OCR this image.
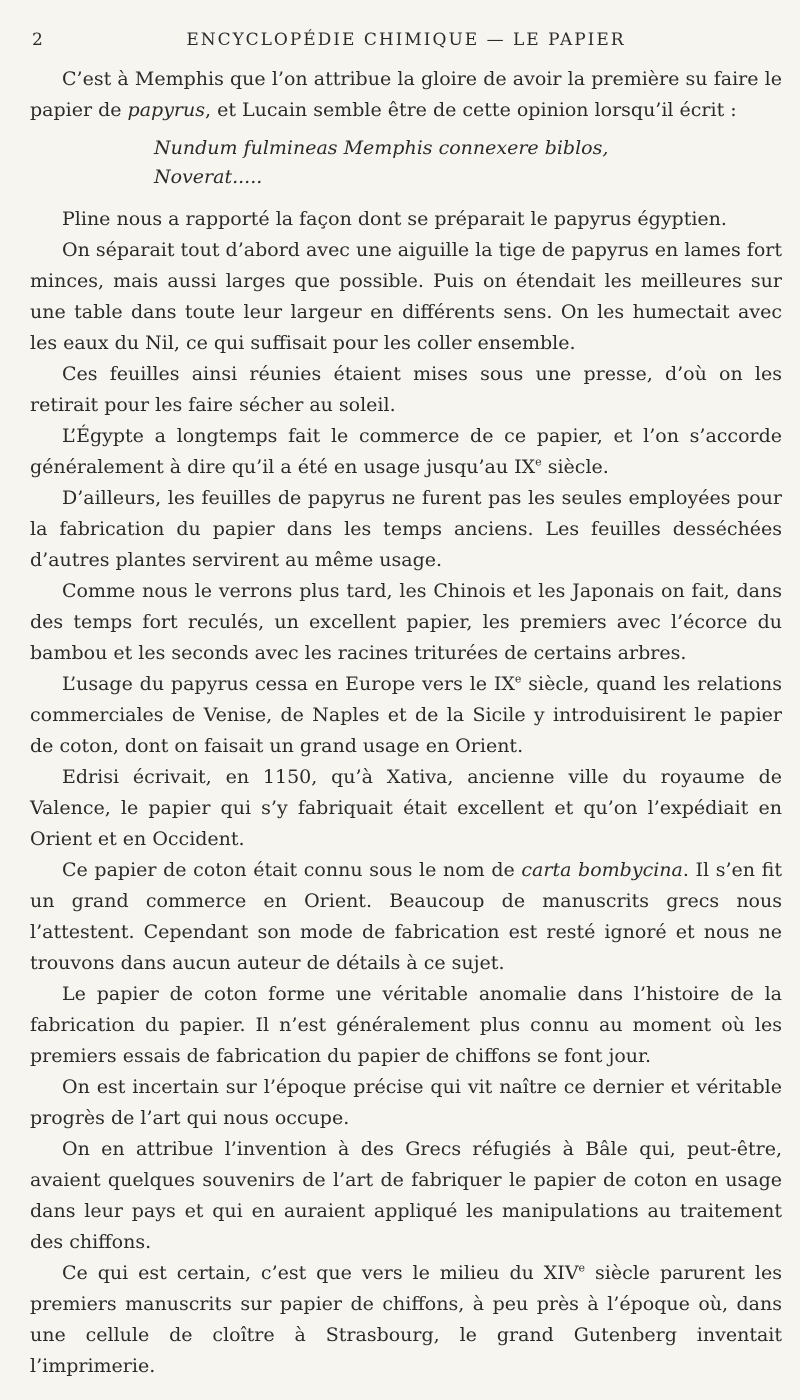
2	ENCYCLOPÉDIE CHIMIQUE — LE PAPIER

C’est à Memphis que l’on attribue la gloire de avoir la première su faire le papier de papyrus, et Lucain semble être de cette opinion lorsqu’il écrit :

Nundum fulmineas Memphis connexere biblos,
Noverat.....

Pline nous a rapporté la façon dont se préparait le papyrus égyptien.

On séparait tout d’abord avec une aiguille la tige de papyrus en lames fort minces, mais aussi larges que possible. Puis on étendait les meilleures sur une table dans toute leur largeur en différents sens. On les humectait avec les eaux du Nil, ce qui suffisait pour les coller ensemble.

Ces feuilles ainsi réunies étaient mises sous une presse, d’où on les retirait pour les faire sécher au soleil.

L’Égypte a longtemps fait le commerce de ce papier, et l’on s’accorde généralement à dire qu’il a été en usage jusqu’au IXe siècle.

D’ailleurs, les feuilles de papyrus ne furent pas les seules employées pour la fabrication du papier dans les temps anciens. Les feuilles desséchées d’autres plantes servirent au même usage.

Comme nous le verrons plus tard, les Chinois et les Japonais on fait, dans des temps fort reculés, un excellent papier, les premiers avec l’écorce du bambou et les seconds avec les racines triturées de certains arbres.

L’usage du papyrus cessa en Europe vers le IXe siècle, quand les relations commerciales de Venise, de Naples et de la Sicile y introduisirent le papier de coton, dont on faisait un grand usage en Orient.

Edrisi écrivait, en 1150, qu’à Xativa, ancienne ville du royaume de Valence, le papier qui s’y fabriquait était excellent et qu’on l’expédiait en Orient et en Occident.

Ce papier de coton était connu sous le nom de carta bombycina. Il s’en fit un grand commerce en Orient. Beaucoup de manuscrits grecs nous l’attestent. Cependant son mode de fabrication est resté ignoré et nous ne trouvons dans aucun auteur de détails à ce sujet.

Le papier de coton forme une véritable anomalie dans l’histoire de la fabrication du papier. Il n’est généralement plus connu au moment où les premiers essais de fabrication du papier de chiffons se font jour.

On est incertain sur l’époque précise qui vit naître ce dernier et véritable progrès de l’art qui nous occupe.

On en attribue l’invention à des Grecs réfugiés à Bâle qui, peut-être, avaient quelques souvenirs de l’art de fabriquer le papier de coton en usage dans leur pays et qui en auraient appliqué les manipulations au traitement des chiffons.

Ce qui est certain, c’est que vers le milieu du XIVe siècle parurent les premiers manuscrits sur papier de chiffons, à peu près à l’époque où, dans une cellule de cloître à Strasbourg, le grand Gutenberg inventait l’imprimerie.
